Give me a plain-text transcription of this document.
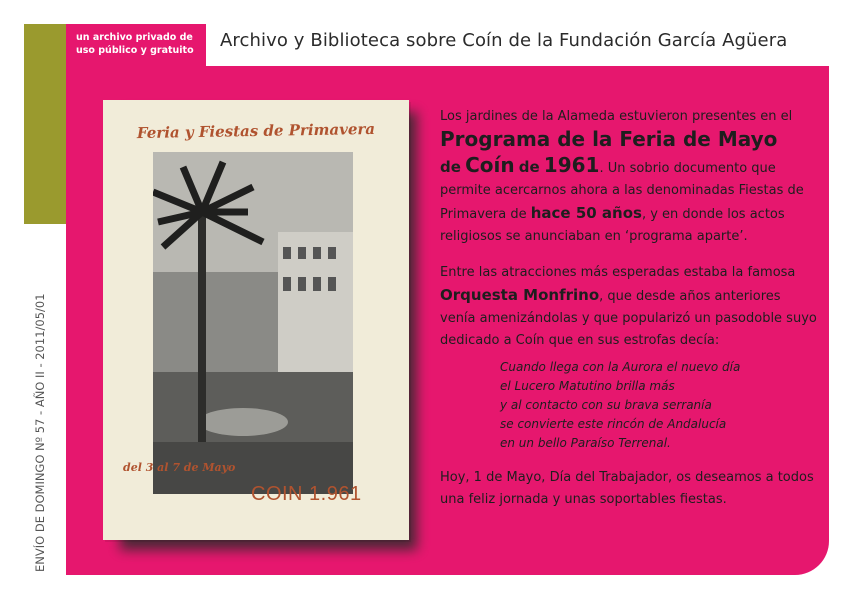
un archivo privado de
uso público y gratuito	Archivo y Biblioteca sobre Coín de la Fundación García Agüera
ENVÍO DE DOMINGO Nº 57 - AÑO II - 2011/05/01
Feria y Fiestas de Primavera
del 3 al 7 de Mayo
COIN 1.961

Los jardines de la Alameda estuvieron presentes en el
Programa de la Feria de Mayo
de Coín de 1961. Un sobrio documento que permite acercarnos ahora a las denominadas Fiestas de Primavera de hace 50 años, y en donde los actos religiosos se anunciaban en ‘programa aparte’.

Entre las atracciones más esperadas estaba la famosa Orquesta Monfrino, que desde años anteriores venía amenizándolas y que popularizó un pasodoble suyo dedicado a Coín que en sus estrofas decía:

Cuando llega con la Aurora el nuevo día
el Lucero Matutino brilla más
y al contacto con su brava serranía
se convierte este rincón de Andalucía
en un bello Paraíso Terrenal.

Hoy, 1 de Mayo, Día del Trabajador, os deseamos a todos una feliz jornada y unas soportables fiestas.
